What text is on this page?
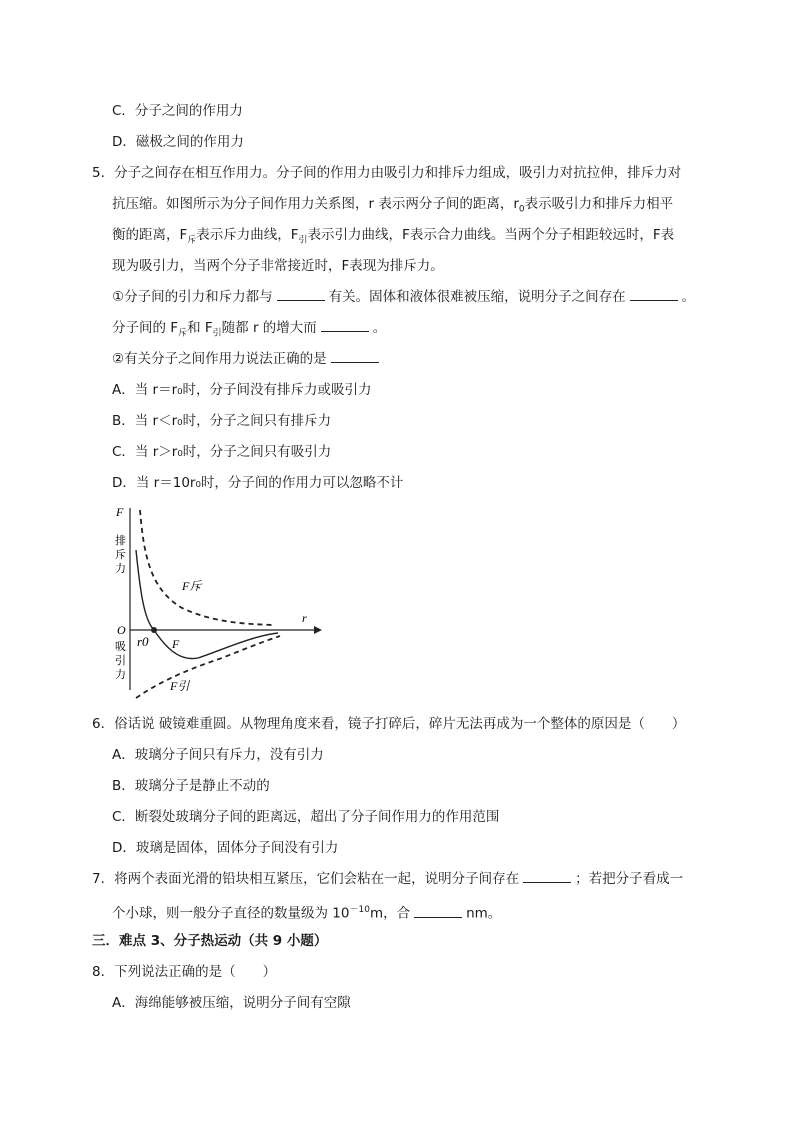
C．分子之间的作用力
D．磁极之间的作用力
5．分子之间存在相互作用力。分子间的作用力由吸引力和排斥力组成，吸引力对抗拉伸，排斥力对
抗压缩。如图所示为分子间作用力关系图，r 表示两分子间的距离，$r_0$表示吸引力和排斥力相平
衡的距离，$F_斥$表示斥力曲线，$F_引$表示引力曲线，F表示合力曲线。当两个分子相距较远时，F表
现为吸引力，当两个分子非常接近时，F表现为排斥力。
①分子间的引力和斥力都与	有关。固体和液体很难被压缩，说明分子之间存在	。
分子间的 $F_斥$和 $F_引$随都 r 的增大而	。
②有关分子之间作用力说法正确的是
A．当 r＝r₀时，分子间没有排斥力或吸引力
B．当 r＜r₀时，分子之间只有排斥力
C．当 r＞r₀时，分子之间只有吸引力
D．当 r＝10r₀时，分子间的作用力可以忽略不计
F
r
O
r0
F斥
F引
F
排斥力
吸引力
6．俗话说 破镜难重圆。从物理角度来看，镜子打碎后，碎片无法再成为一个整体的原因是（　　）
A．玻璃分子间只有斥力，没有引力
B．玻璃分子是静止不动的
C．断裂处玻璃分子间的距离远，超出了分子间作用力的作用范围
D．玻璃是固体，固体分子间没有引力
7．将两个表面光滑的铅块相互紧压，它们会粘在一起，说明分子间存在	；若把分子看成一
个小球，则一般分子直径的数量级为 $10^{-10}m$，合	nm。
三．难点 3、分子热运动（共 9 小题）
8．下列说法正确的是（　　）
A．海绵能够被压缩，说明分子间有空隙
